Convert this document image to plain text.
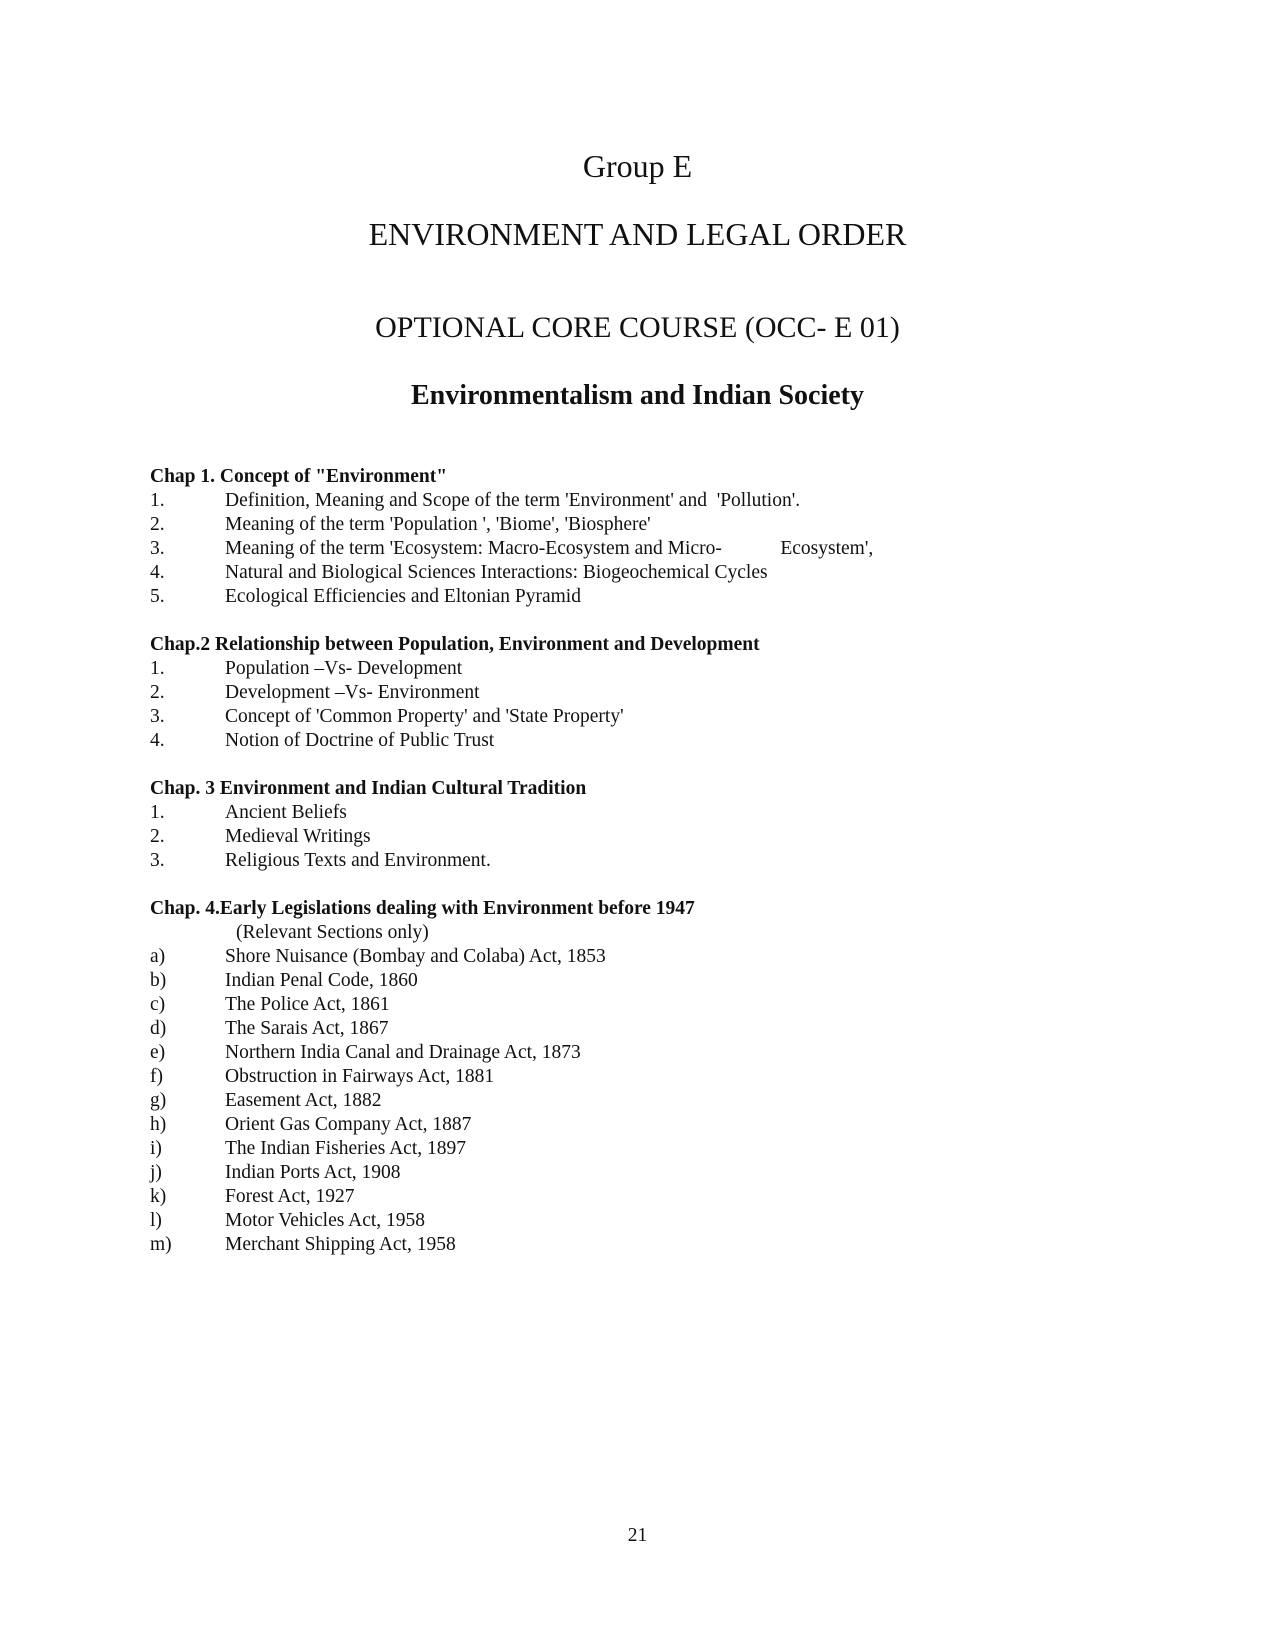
Group E
ENVIRONMENT AND LEGAL ORDER
OPTIONAL CORE COURSE (OCC- E 01)
Environmentalism and Indian Society
Chap 1. Concept of "Environment"
1.	Definition, Meaning and Scope of the term 'Environment' and  'Pollution'.
2.	Meaning of the term 'Population ', 'Biome', 'Biosphere'
3.	Meaning of the term 'Ecosystem: Macro-Ecosystem and Micro-            Ecosystem',
4.	Natural and Biological Sciences Interactions: Biogeochemical Cycles
5.	Ecological Efficiencies and Eltonian Pyramid
Chap.2 Relationship between Population, Environment and Development
1.	Population –Vs- Development
2.	Development –Vs- Environment
3.	Concept of 'Common Property' and 'State Property'
4.	Notion of Doctrine of Public Trust
Chap. 3 Environment and Indian Cultural Tradition
1.	Ancient Beliefs
2.	Medieval Writings
3.	Religious Texts and Environment.
Chap. 4.Early Legislations dealing with Environment before 1947
(Relevant Sections only)
a)	Shore Nuisance (Bombay and Colaba) Act, 1853
b)	Indian Penal Code, 1860
c)	The Police Act, 1861
d)	The Sarais Act, 1867
e)	Northern India Canal and Drainage Act, 1873
f)	Obstruction in Fairways Act, 1881
g)	Easement Act, 1882
h)	Orient Gas Company Act, 1887
i)	The Indian Fisheries Act, 1897
j)	Indian Ports Act, 1908
k)	Forest Act, 1927
l)	Motor Vehicles Act, 1958
m)	Merchant Shipping Act, 1958
21
